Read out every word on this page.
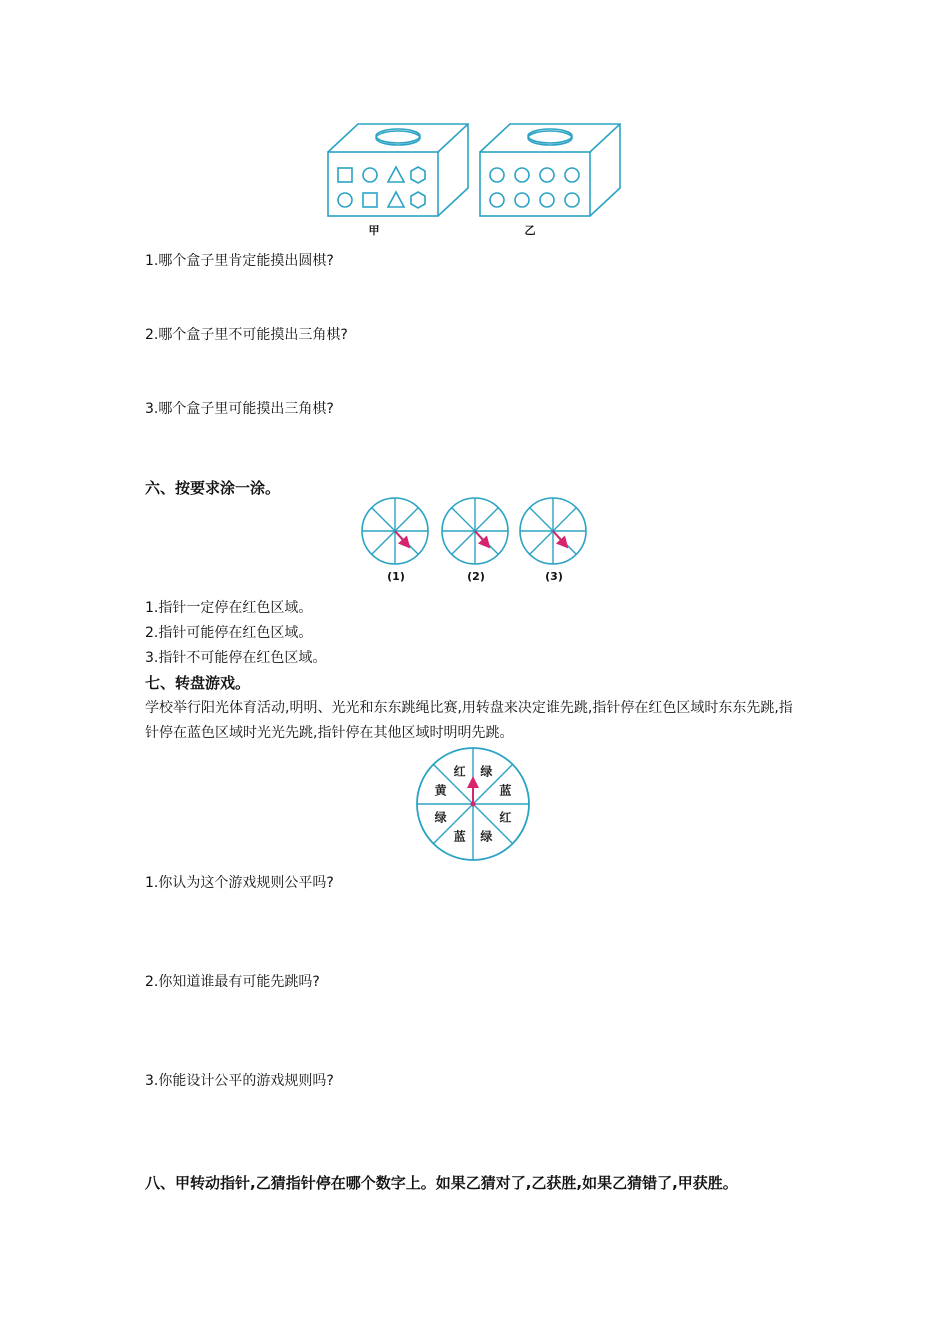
甲	乙
1.哪个盒子里肯定能摸出圆棋?
2.哪个盒子里不可能摸出三角棋?
3.哪个盒子里可能摸出三角棋?
六、按要求涂一涂。
(1)	(2)	(3)
1.指针一定停在红色区域。
2.指针可能停在红色区域。
3.指针不可能停在红色区域。
七、转盘游戏。
学校举行阳光体育活动,明明、光光和东东跳绳比赛,用转盘来决定谁先跳,指针停在红色区域时东东先跳,指针停在蓝色区域时光光先跳,指针停在其他区域时明明先跳。
红 绿
蓝
红
绿
蓝
绿
黄
1.你认为这个游戏规则公平吗?
2.你知道谁最有可能先跳吗?
3.你能设计公平的游戏规则吗?
八、甲转动指针,乙猜指针停在哪个数字上。如果乙猜对了,乙获胜,如果乙猜错了,甲获胜。
